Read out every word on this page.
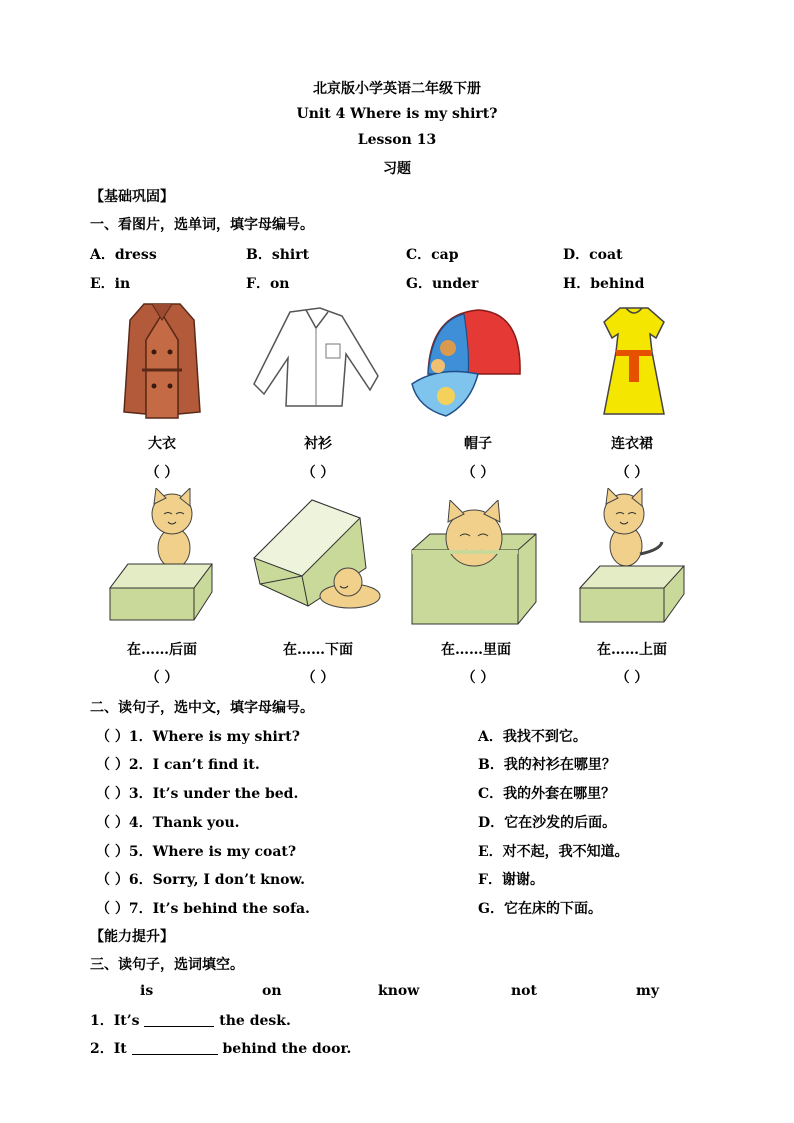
北京版小学英语二年级下册
Unit 4 Where is my shirt?
Lesson 13
习题
【基础巩固】
一、看图片，选单词，填字母编号。
A．dress	B．shirt	C．cap	D．coat
E．in	F．on	G．under	H．behind
大衣	衬衫	帽子	连衣裙
（ ）	（ ）	（ ）	（ ）
在……后面	在……下面	在……里面	在……上面
（ ）	（ ）	（ ）	（ ）
二、读句子，选中文，填字母编号。
（ ）1．Where is my shirt?
（ ）2．I can’t find it.
（ ）3．It’s under the bed.
（ ）4．Thank you.
（ ）5．Where is my coat?
（ ）6．Sorry, I don’t know.
（ ）7．It’s behind the sofa.
A．我找不到它。
B．我的衬衫在哪里？
C．我的外套在哪里？
D．它在沙发的后面。
E．对不起，我不知道。
F．谢谢。
G．它在床的下面。
【能力提升】
三、读句子，选词填空。
is	on	know	not	my
1．It’s	the desk.
2．It	behind the door.
